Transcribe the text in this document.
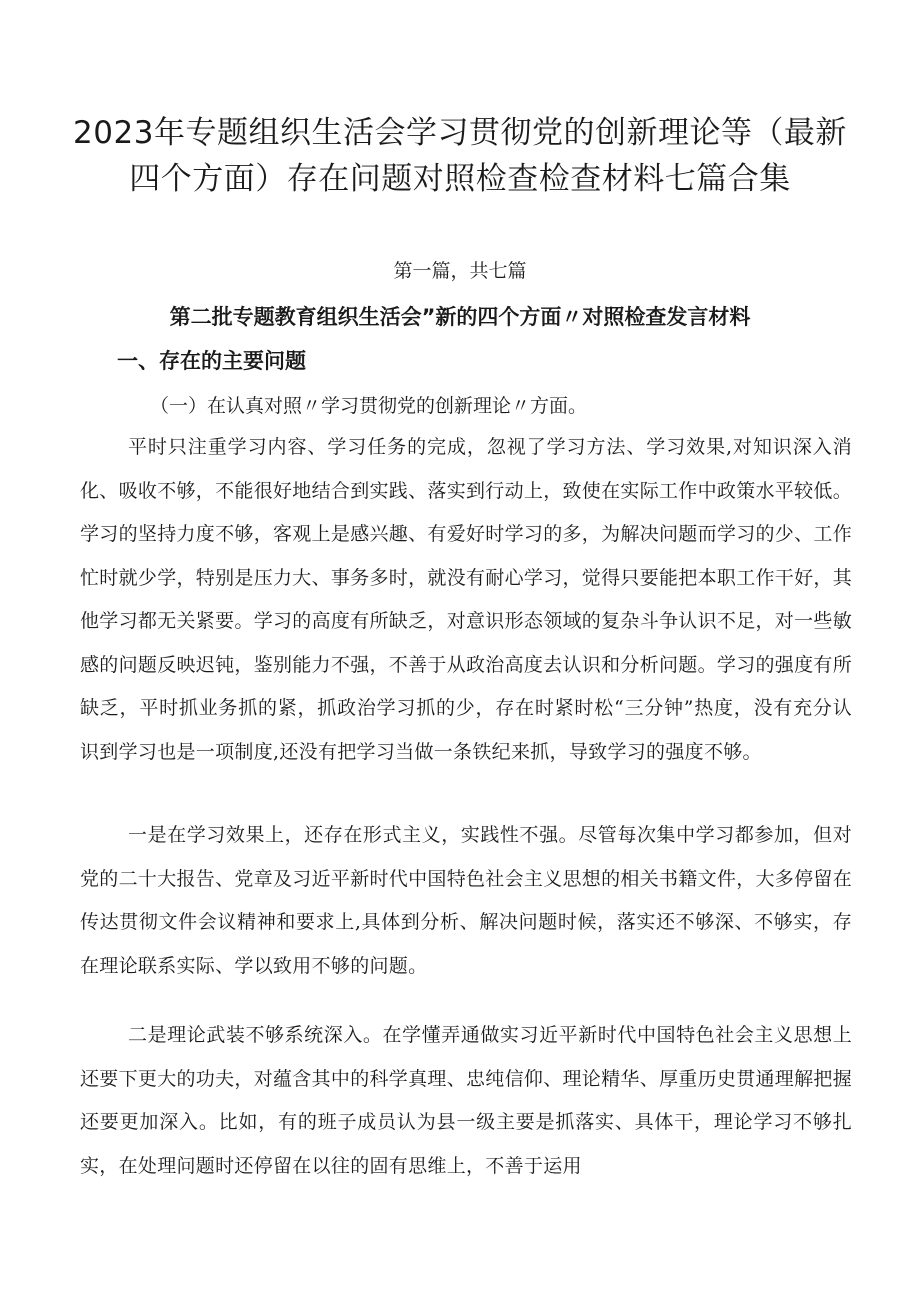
2023年专题组织生活会学习贯彻党的创新理论等（最新四个方面）存在问题对照检查检查材料七篇合集

第一篇，共七篇

第二批专题教育组织生活会”新的四个方面〃对照检查发言材料
一、存在的主要问题

（一）在认真对照〃学习贯彻党的创新理论〃方面。

平时只注重学习内容、学习任务的完成，忽视了学习方法、学习效果,对知识深入消化、吸收不够，不能很好地结合到实践、落实到行动上，致使在实际工作中政策水平较低。学习的坚持力度不够，客观上是感兴趣、有爱好时学习的多，为解决问题而学习的少、工作忙时就少学，特别是压力大、事务多时，就没有耐心学习，觉得只要能把本职工作干好，其他学习都无关紧要。学习的高度有所缺乏，对意识形态领域的复杂斗争认识不足，对一些敏感的问题反映迟钝，鉴别能力不强，不善于从政治高度去认识和分析问题。学习的强度有所缺乏，平时抓业务抓的紧，抓政治学习抓的少，存在时紧时松“三分钟”热度，没有充分认识到学习也是一项制度,还没有把学习当做一条铁纪来抓，导致学习的强度不够。

一是在学习效果上，还存在形式主义，实践性不强。尽管每次集中学习都参加，但对党的二十大报告、党章及习近平新时代中国特色社会主义思想的相关书籍文件，大多停留在传达贯彻文件会议精神和要求上,具体到分析、解决问题时候，落实还不够深、不够实，存在理论联系实际、学以致用不够的问题。

二是理论武装不够系统深入。在学懂弄通做实习近平新时代中国特色社会主义思想上还要下更大的功夫，对蕴含其中的科学真理、忠纯信仰、理论精华、厚重历史贯通理解把握还要更加深入。比如，有的班子成员认为县一级主要是抓落实、具体干，理论学习不够扎实，在处理问题时还停留在以往的固有思维上，不善于运用
